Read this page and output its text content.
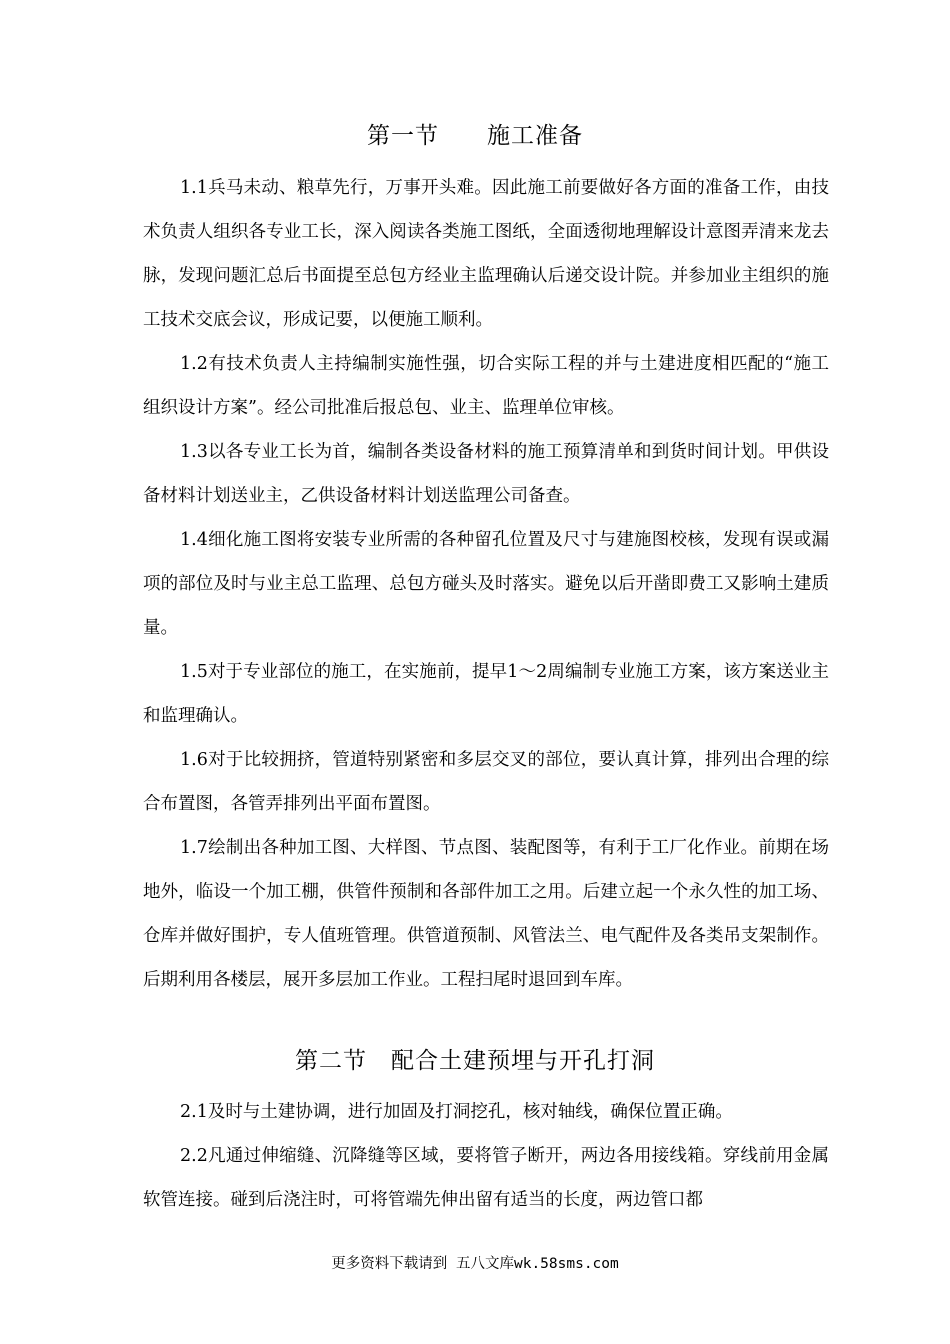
第一节　　施工准备

1.1兵马未动、粮草先行，万事开头难。因此施工前要做好各方面的准备工作，由技术负责人组织各专业工长，深入阅读各类施工图纸，全面透彻地理解设计意图弄清来龙去脉，发现问题汇总后书面提至总包方经业主监理确认后递交设计院。并参加业主组织的施工技术交底会议，形成记要，以便施工顺利。

1.2有技术负责人主持编制实施性强，切合实际工程的并与土建进度相匹配的“施工组织设计方案”。经公司批准后报总包、业主、监理单位审核。

1.3以各专业工长为首，编制各类设备材料的施工预算清单和到货时间计划。甲供设备材料计划送业主，乙供设备材料计划送监理公司备查。

1.4细化施工图将安装专业所需的各种留孔位置及尺寸与建施图校核，发现有误或漏项的部位及时与业主总工监理、总包方碰头及时落实。避免以后开凿即费工又影响土建质量。

1.5对于专业部位的施工，在实施前，提早1～2周编制专业施工方案，该方案送业主和监理确认。

1.6对于比较拥挤，管道特别紧密和多层交叉的部位，要认真计算，排列出合理的综合布置图，各管弄排列出平面布置图。

1.7绘制出各种加工图、大样图、节点图、装配图等，有利于工厂化作业。前期在场地外，临设一个加工棚，供管件预制和各部件加工之用。后建立起一个永久性的加工场、仓库并做好围护，专人值班管理。供管道预制、风管法兰、电气配件及各类吊支架制作。后期利用各楼层，展开多层加工作业。工程扫尾时退回到车库。

第二节　配合土建预埋与开孔打洞

2.1及时与土建协调，进行加固及打洞挖孔，核对轴线，确保位置正确。

2.2凡通过伸缩缝、沉降缝等区域，要将管子断开，两边各用接线箱。穿线前用金属软管连接。碰到后浇注时，可将管端先伸出留有适当的长度，两边管口都

更多资料下载请到 五八文库wk.58sms.com
